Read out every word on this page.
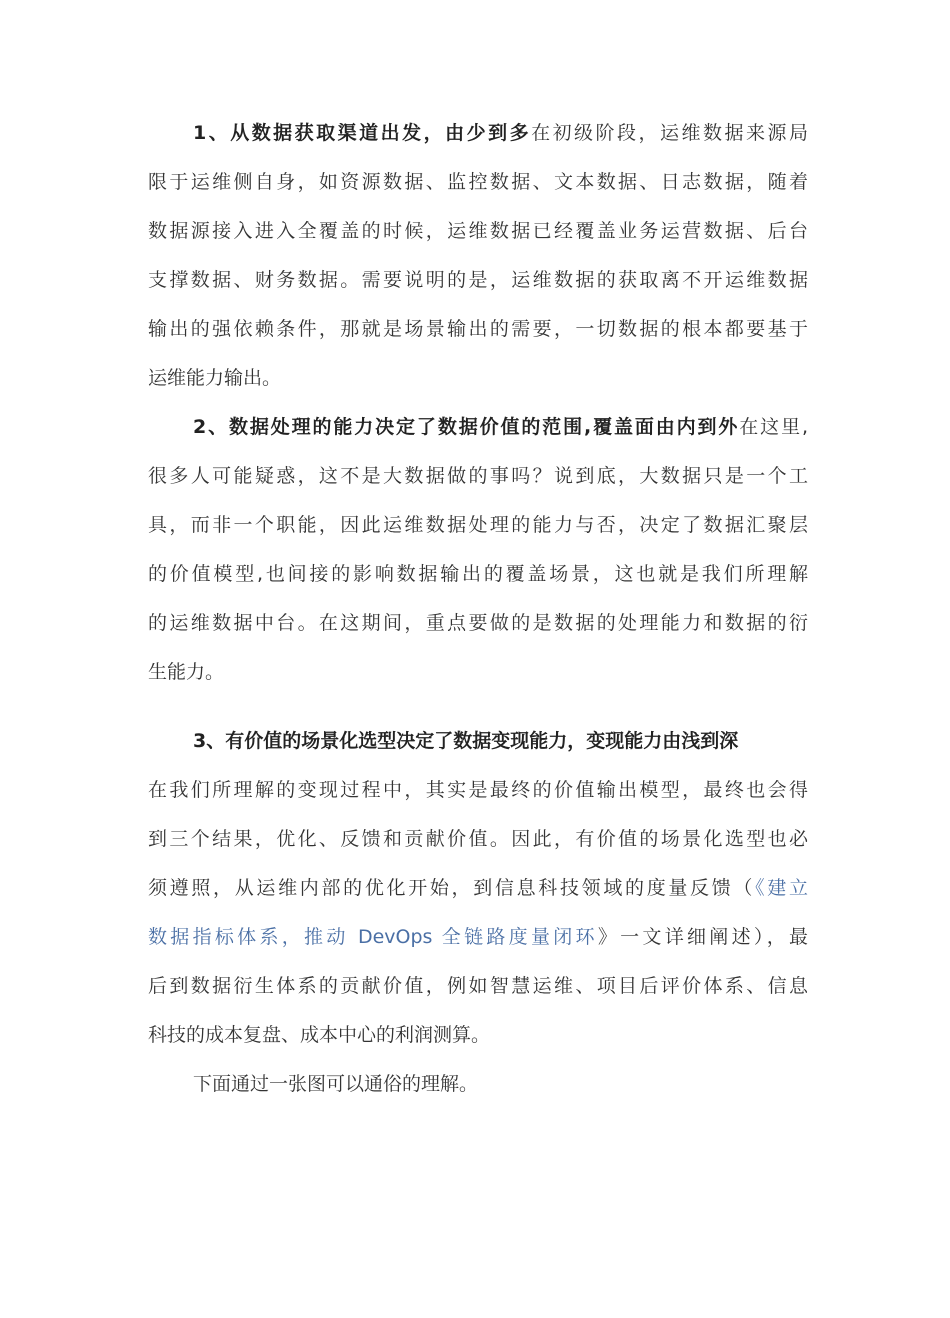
1、从数据获取渠道出发，由少到多在初级阶段，运维数据来源局
限于运维侧自身，如资源数据、监控数据、文本数据、日志数据，随着
数据源接入进入全覆盖的时候，运维数据已经覆盖业务运营数据、后台
支撑数据、财务数据。需要说明的是，运维数据的获取离不开运维数据
输出的强依赖条件，那就是场景输出的需要，一切数据的根本都要基于
运维能力输出。
2、数据处理的能力决定了数据价值的范围,覆盖面由内到外在这里,
很多人可能疑惑，这不是大数据做的事吗？说到底，大数据只是一个工
具，而非一个职能，因此运维数据处理的能力与否，决定了数据汇聚层
的价值模型,也间接的影响数据输出的覆盖场景，这也就是我们所理解
的运维数据中台。在这期间，重点要做的是数据的处理能力和数据的衍
生能力。
3、有价值的场景化选型决定了数据变现能力，变现能力由浅到深
在我们所理解的变现过程中，其实是最终的价值输出模型，最终也会得
到三个结果，优化、反馈和贡献价值。因此，有价值的场景化选型也必
须遵照，从运维内部的优化开始，到信息科技领域的度量反馈（《建立
数据指标体系，推动 DevOps 全链路度量闭环》一文详细阐述），最
后到数据衍生体系的贡献价值，例如智慧运维、项目后评价体系、信息
科技的成本复盘、成本中心的利润测算。
下面通过一张图可以通俗的理解。
